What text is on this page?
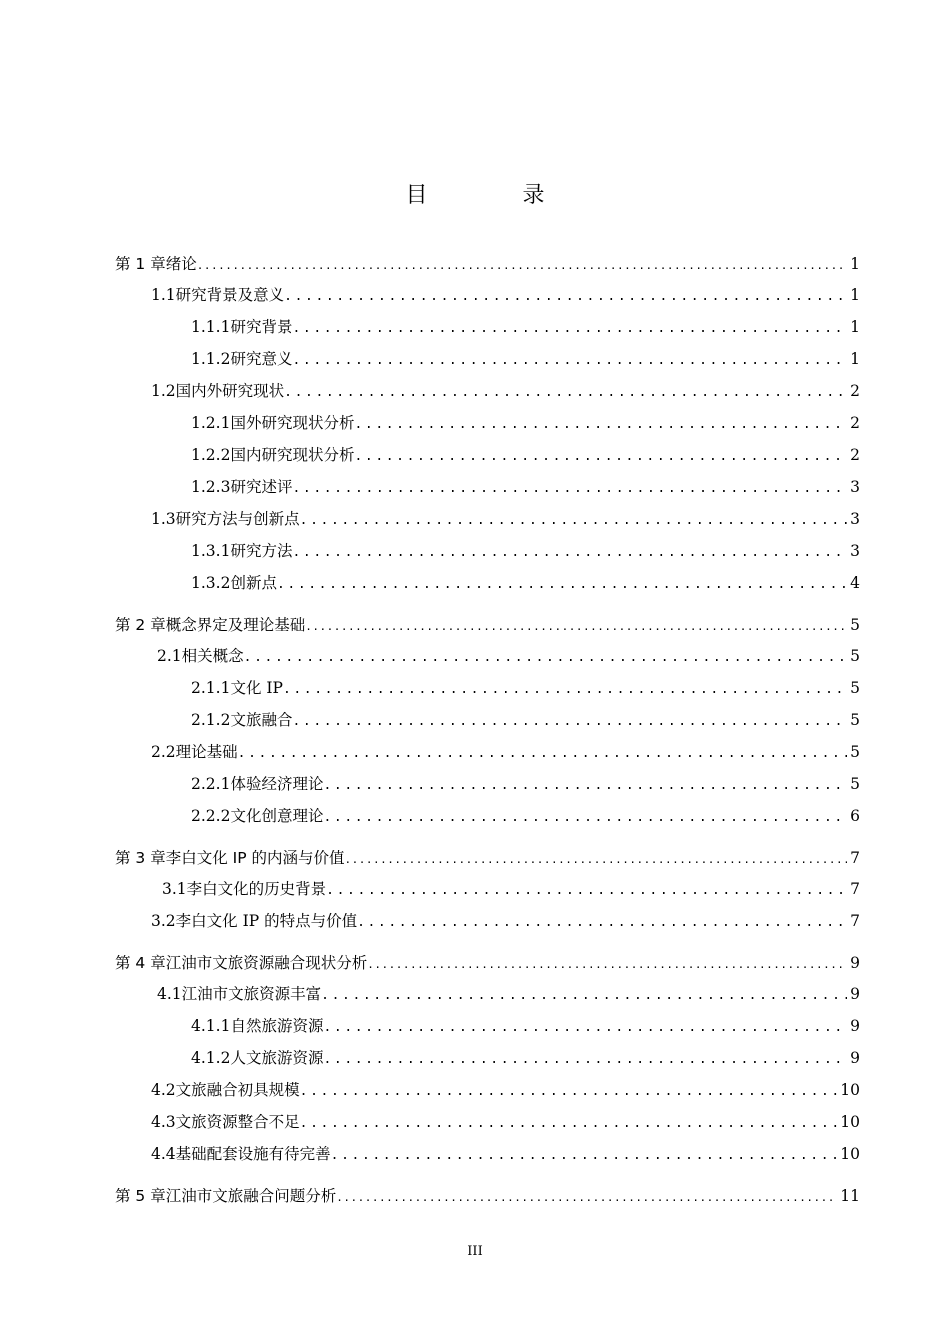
目 录
第 1 章 绪论 .....	1
1.1 研究背景及意义 .....	1
1.1.1 研究背景 .....	1
1.1.2 研究意义 .....	1
1.2 国内外研究现状 .....	2
1.2.1 国外研究现状分析 .....	2
1.2.2 国内研究现状分析 .....	2
1.2.3 研究述评 .....	3
1.3 研究方法与创新点 .....	3
1.3.1 研究方法 .....	3
1.3.2 创新点 .....	4
第 2 章 概念界定及理论基础 .....	5
2.1 相关概念 .....	5
2.1.1 文化 IP .....	5
2.1.2 文旅融合 .....	5
2.2 理论基础 .....	5
2.2.1 体验经济理论 .....	5
2.2.2 文化创意理论 .....	6
第 3 章 李白文化 IP 的内涵与价值 .....	7
3.1 李白文化的历史背景 .....	7
3.2 李白文化 IP 的特点与价值 .....	7
第 4 章 江油市文旅资源融合现状分析 .....	9
4.1 江油市文旅资源丰富 .....	9
4.1.1 自然旅游资源 .....	9
4.1.2 人文旅游资源 .....	9
4.2 文旅融合初具规模 .....	10
4.3 文旅资源整合不足 .....	10
4.4 基础配套设施有待完善 .....	10
第 5 章 江油市文旅融合问题分析 .....	11
III
